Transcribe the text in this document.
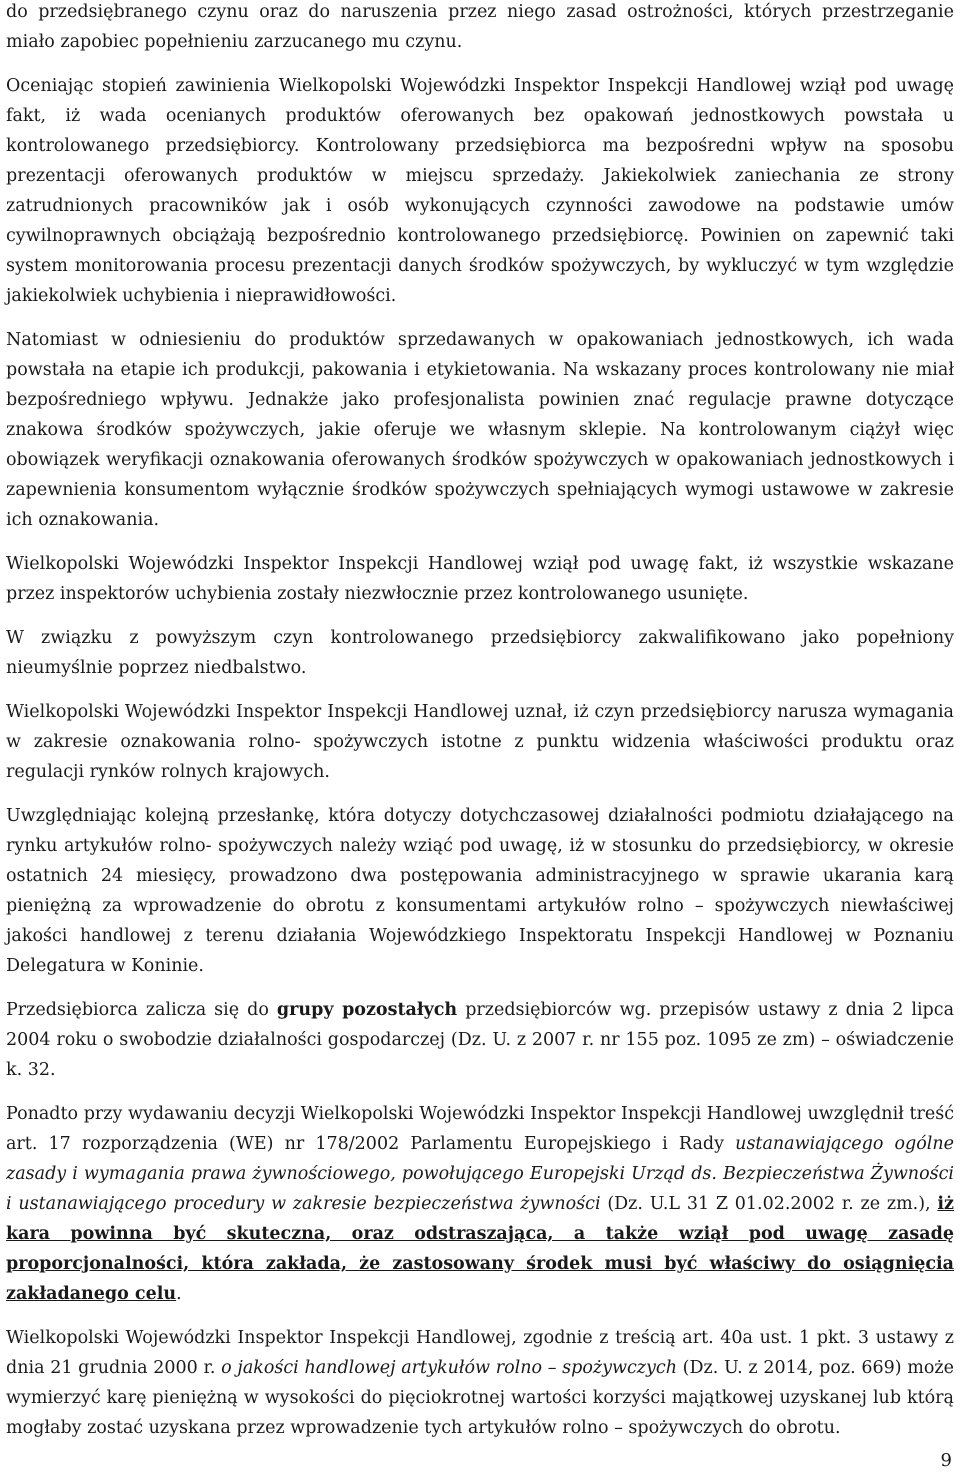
do przedsiębranego czynu oraz do naruszenia przez niego zasad ostrożności, których przestrzeganie miało zapobiec popełnieniu zarzucanego mu czynu.

Oceniając stopień zawinienia Wielkopolski Wojewódzki Inspektor Inspekcji Handlowej wziął pod uwagę fakt, iż wada ocenianych produktów oferowanych bez opakowań jednostkowych powstała u kontrolowanego przedsiębiorcy. Kontrolowany przedsiębiorca ma bezpośredni wpływ na sposobu prezentacji oferowanych produktów w miejscu sprzedaży. Jakiekolwiek zaniechania ze strony zatrudnionych pracowników jak i osób wykonujących czynności zawodowe na podstawie umów cywilnoprawnych obciążają bezpośrednio kontrolowanego przedsiębiorcę. Powinien on zapewnić taki system monitorowania procesu prezentacji danych środków spożywczych, by wykluczyć w tym względzie jakiekolwiek uchybienia i nieprawidłowości.

Natomiast w odniesieniu do produktów sprzedawanych w opakowaniach jednostkowych, ich wada powstała na etapie ich produkcji, pakowania i etykietowania. Na wskazany proces kontrolowany nie miał bezpośredniego wpływu. Jednakże jako profesjonalista powinien znać regulacje prawne dotyczące znakowa środków spożywczych, jakie oferuje we własnym sklepie. Na kontrolowanym ciążył więc obowiązek weryfikacji oznakowania oferowanych środków spożywczych w opakowaniach jednostkowych i zapewnienia konsumentom wyłącznie środków spożywczych spełniających wymogi ustawowe w zakresie ich oznakowania.

Wielkopolski Wojewódzki Inspektor Inspekcji Handlowej wziął pod uwagę fakt, iż wszystkie wskazane przez inspektorów uchybienia zostały niezwłocznie przez kontrolowanego usunięte.

W związku z powyższym czyn kontrolowanego przedsiębiorcy zakwalifikowano jako popełniony nieumyślnie poprzez niedbalstwo.

Wielkopolski Wojewódzki Inspektor Inspekcji Handlowej uznał, iż czyn przedsiębiorcy narusza wymagania w zakresie oznakowania rolno- spożywczych istotne z punktu widzenia właściwości produktu oraz regulacji rynków rolnych krajowych.

Uwzględniając kolejną przesłankę, która dotyczy dotychczasowej działalności podmiotu działającego na rynku artykułów rolno- spożywczych należy wziąć pod uwagę, iż w stosunku do przedsiębiorcy, w okresie ostatnich 24 miesięcy, prowadzono dwa postępowania administracyjnego w sprawie ukarania karą pieniężną za wprowadzenie do obrotu z konsumentami artykułów rolno – spożywczych niewłaściwej jakości handlowej z terenu działania Wojewódzkiego Inspektoratu Inspekcji Handlowej w Poznaniu Delegatura w Koninie.

Przedsiębiorca zalicza się do grupy pozostałych przedsiębiorców wg. przepisów ustawy z dnia 2 lipca 2004 roku o swobodzie działalności gospodarczej (Dz. U. z 2007 r. nr 155 poz. 1095 ze zm) – oświadczenie k. 32.

Ponadto przy wydawaniu decyzji Wielkopolski Wojewódzki Inspektor Inspekcji Handlowej uwzględnił treść art. 17 rozporządzenia (WE) nr 178/2002 Parlamentu Europejskiego i Rady ustanawiającego ogólne zasady i wymagania prawa żywnościowego, powołującego Europejski Urząd ds. Bezpieczeństwa Żywności i ustanawiającego procedury w zakresie bezpieczeństwa żywności (Dz. U.L 31 Z 01.02.2002 r. ze zm.), iż kara powinna być skuteczna, oraz odstraszająca, a także wziął pod uwagę zasadę proporcjonalności, która zakłada, że zastosowany środek musi być właściwy do osiągnięcia zakładanego celu.

Wielkopolski Wojewódzki Inspektor Inspekcji Handlowej, zgodnie z treścią art. 40a ust. 1 pkt. 3 ustawy z dnia 21 grudnia 2000 r. o jakości handlowej artykułów rolno – spożywczych (Dz. U. z 2014, poz. 669) może wymierzyć karę pieniężną w wysokości do pięciokrotnej wartości korzyści majątkowej uzyskanej lub którą mogłaby zostać uzyskana przez wprowadzenie tych artykułów rolno – spożywczych do obrotu.

9
